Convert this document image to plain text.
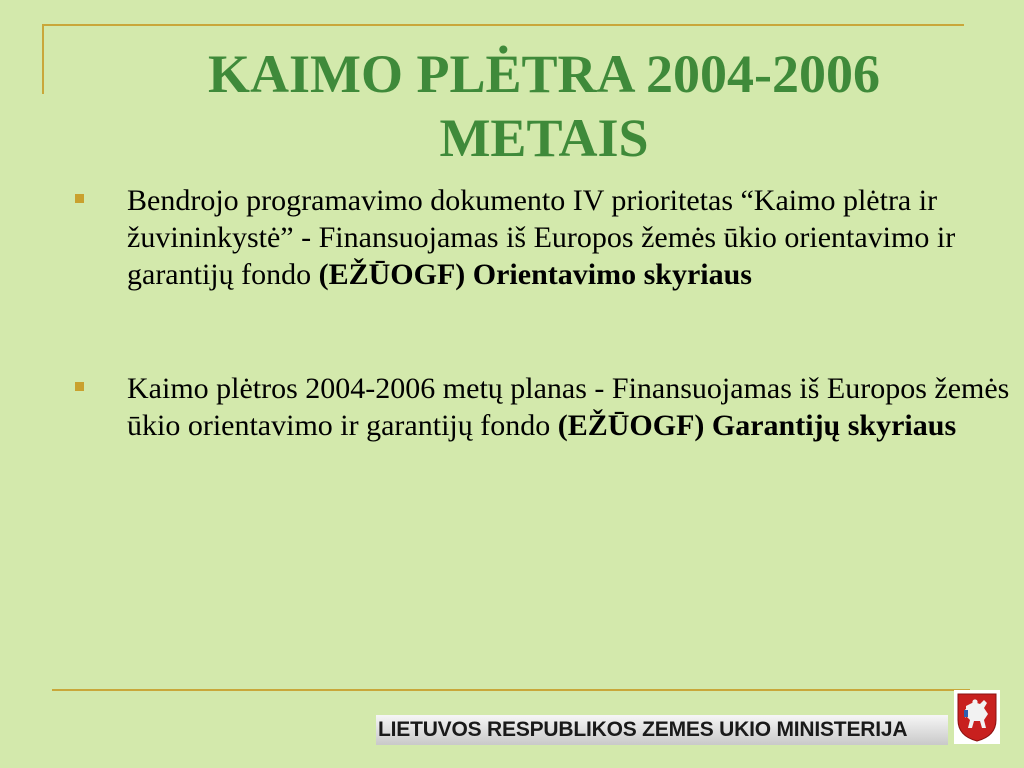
KAIMO PLĖTRA 2004-2006
METAIS
Bendrojo programavimo dokumento IV prioritetas “Kaimo plėtra ir žuvininkystė” - Finansuojamas iš Europos žemės ūkio orientavimo ir garantijų fondo (EŽŪOGF) Orientavimo skyriaus
Kaimo plėtros 2004-2006 metų planas - Finansuojamas iš Europos žemės ūkio orientavimo ir garantijų fondo (EŽŪOGF) Garantijų skyriaus
LIETUVOS RESPUBLIKOS ZEMES UKIO MINISTERIJA
